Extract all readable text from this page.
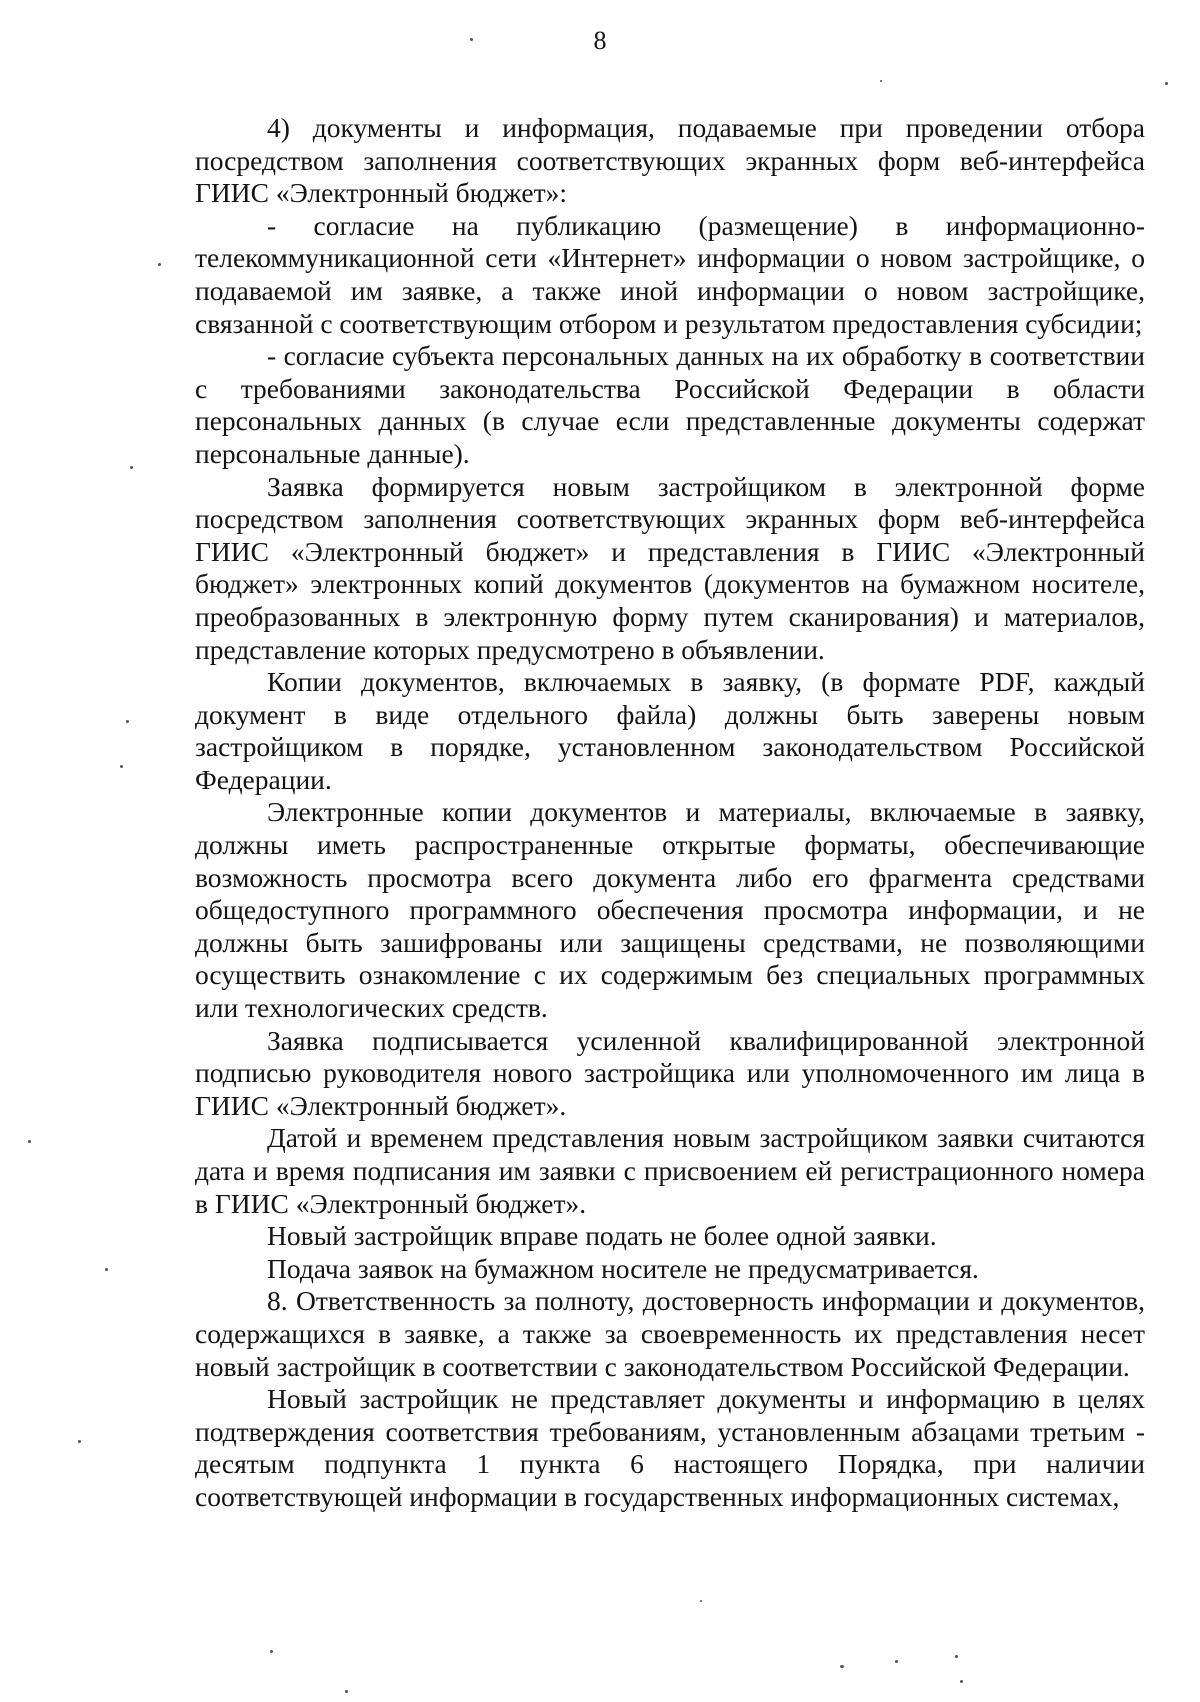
8

4) документы и информация, подаваемые при проведении отбора посредством заполнения соответствующих экранных форм веб-интерфейса ГИИС «Электронный бюджет»:

- согласие на публикацию (размещение) в информационно-телекоммуникационной сети «Интернет» информации о новом застройщике, о подаваемой им заявке, а также иной информации о новом застройщике, связанной с соответствующим отбором и результатом предоставления субсидии;

- согласие субъекта персональных данных на их обработку в соответствии с требованиями законодательства Российской Федерации в области персональных данных (в случае если представленные документы содержат персональные данные).

Заявка формируется новым застройщиком в электронной форме посредством заполнения соответствующих экранных форм веб-интерфейса ГИИС «Электронный бюджет» и представления в ГИИС «Электронный бюджет» электронных копий документов (документов на бумажном носителе, преобразованных в электронную форму путем сканирования) и материалов, представление которых предусмотрено в объявлении.

Копии документов, включаемых в заявку, (в формате PDF, каждый документ в виде отдельного файла) должны быть заверены новым застройщиком в порядке, установленном законодательством Российской Федерации.

Электронные копии документов и материалы, включаемые в заявку, должны иметь распространенные открытые форматы, обеспечивающие возможность просмотра всего документа либо его фрагмента средствами общедоступного программного обеспечения просмотра информации, и не должны быть зашифрованы или защищены средствами, не позволяющими осуществить ознакомление с их содержимым без специальных программных или технологических средств.

Заявка подписывается усиленной квалифицированной электронной подписью руководителя нового застройщика или уполномоченного им лица в ГИИС «Электронный бюджет».

Датой и временем представления новым застройщиком заявки считаются дата и время подписания им заявки с присвоением ей регистрационного номера в ГИИС «Электронный бюджет».

Новый застройщик вправе подать не более одной заявки.

Подача заявок на бумажном носителе не предусматривается.

8. Ответственность за полноту, достоверность информации и документов, содержащихся в заявке, а также за своевременность их представления несет новый застройщик в соответствии с законодательством Российской Федерации.

Новый застройщик не представляет документы и информацию в целях подтверждения соответствия требованиям, установленным абзацами третьим - десятым подпункта 1 пункта 6 настоящего Порядка, при наличии соответствующей информации в государственных информационных системах,
